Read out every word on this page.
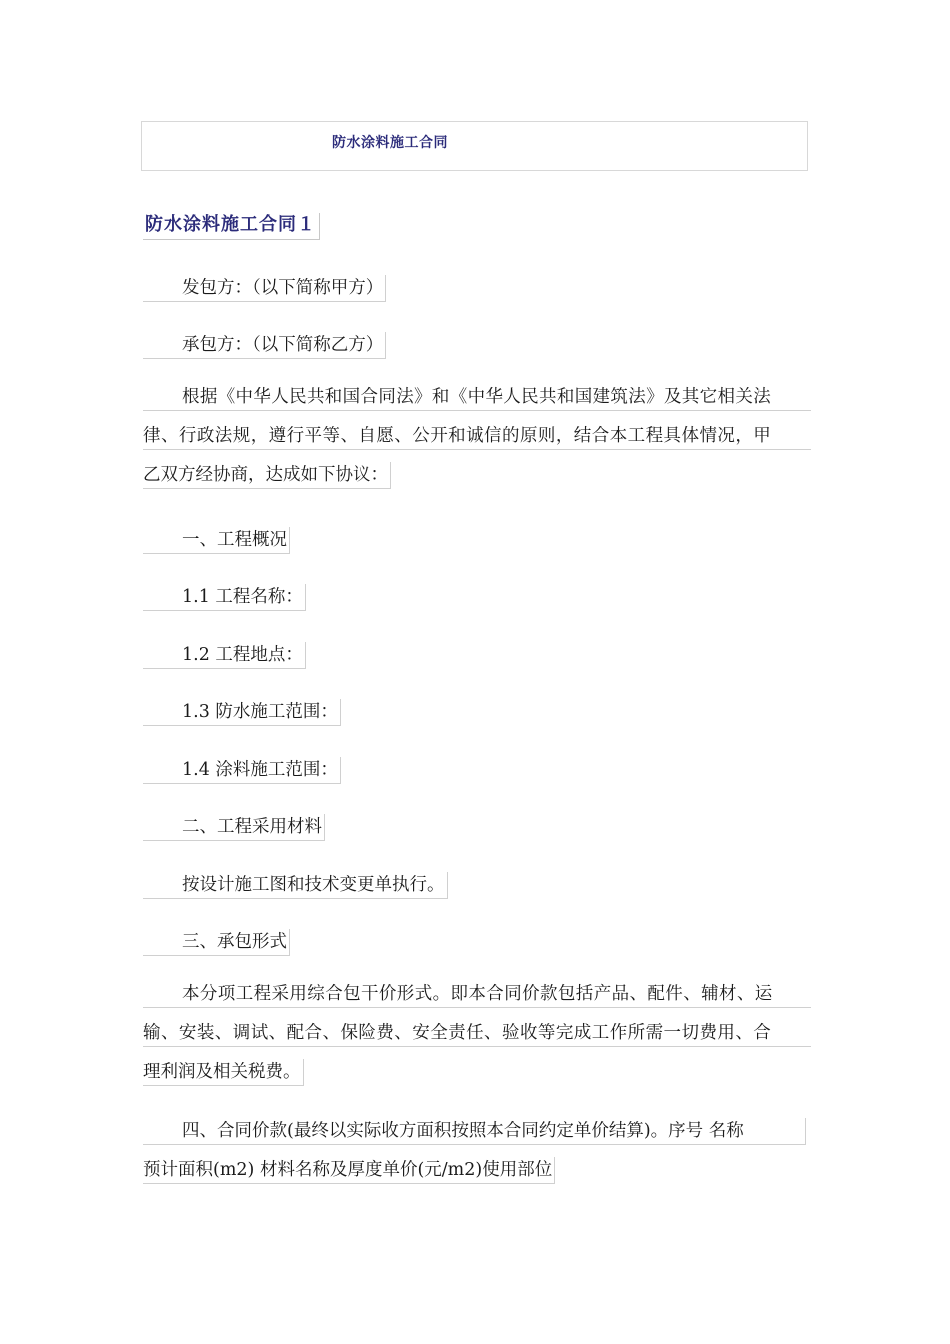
防水涂料施工合同
防水涂料施工合同１
发包方：（以下简称甲方）
承包方：（以下简称乙方）
根据《中华人民共和国合同法》和《中华人民共和国建筑法》及其它相关法
律、行政法规，遵行平等、自愿、公开和诚信的原则，结合本工程具体情况，甲
乙双方经协商，达成如下协议：
一、工程概况
1.1 工程名称：
1.2 工程地点：
1.3 防水施工范围：
1.4 涂料施工范围：
二、工程采用材料
按设计施工图和技术变更单执行。
三、承包形式
本分项工程采用综合包干价形式。即本合同价款包括产品、配件、辅材、运
输、安装、调试、配合、保险费、安全责任、验收等完成工作所需一切费用、合
理利润及相关税费。
四、合同价款(最终以实际收方面积按照本合同约定单价结算)。序号 名称
预计面积(m2) 材料名称及厚度单价(元/m2)使用部位
